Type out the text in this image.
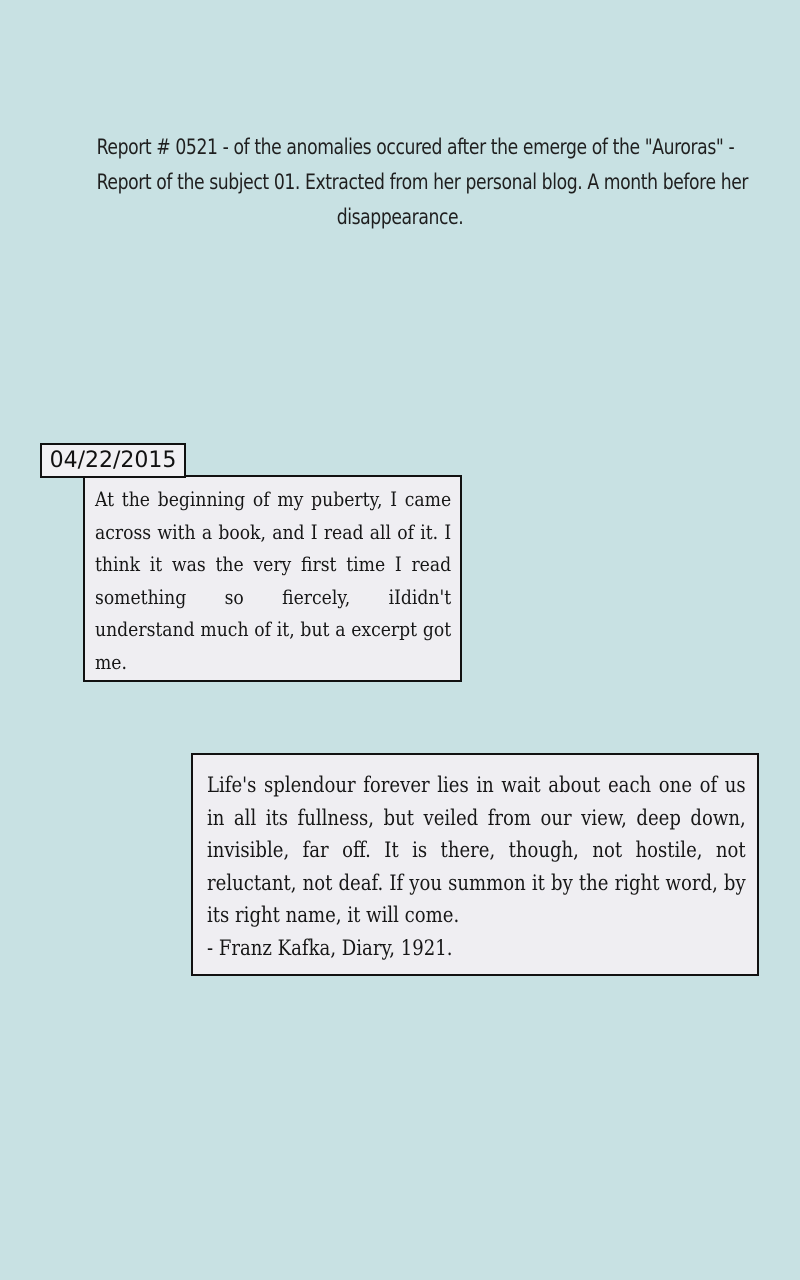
Report # 0521 - of the anomalies occured after the emerge of the "Auroras" -
Report of the subject 01. Extracted from her personal blog. A month before her
disappearance.
04/22/2015
At the beginning of my puberty, I came across with a book, and I read all of it. I think it was the very first time I read something so fiercely, iIdidn't understand much of it, but a excerpt got me.
Life's splendour forever lies in wait about each one of us in all its fullness, but veiled from our view, deep down, invisible, far off. It is there, though, not hostile, not reluctant, not deaf. If you summon it by the right word, by its right name, it will come.
- Franz Kafka, Diary, 1921.
